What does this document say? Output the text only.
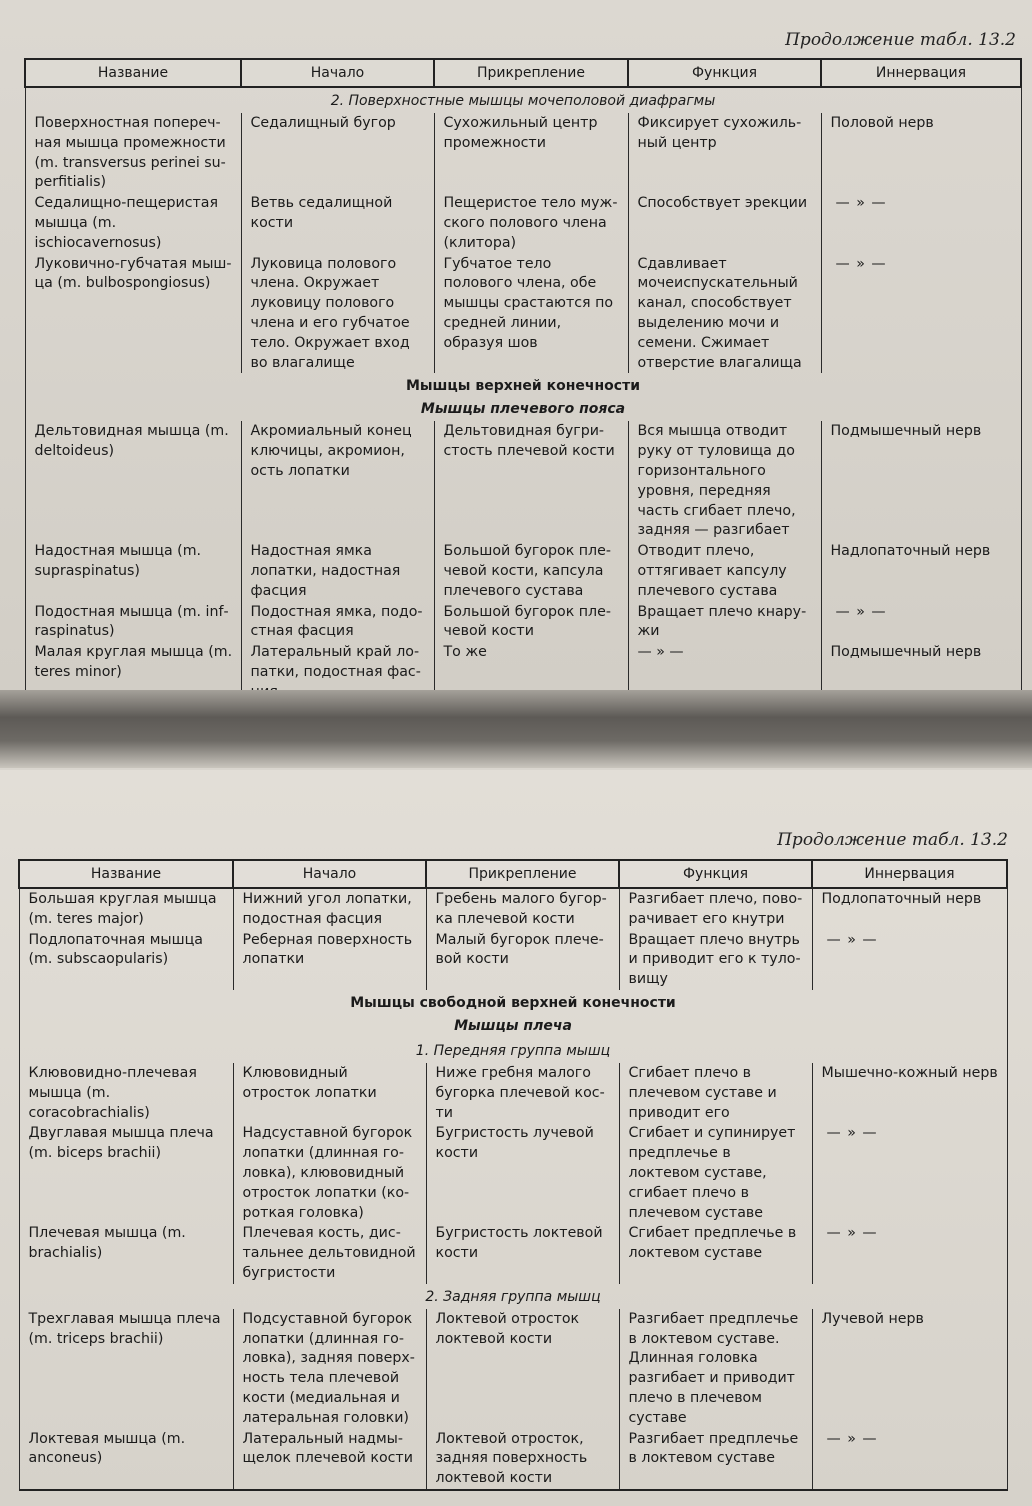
Продолжение табл. 13.2
Название	Начало	Прикрепление	Функция	Иннервация
2. Поверхностные мышцы мочеполовой диафрагмы				
Поверхностная поперечная мышца промежности (m. transversus perinei superfitialis)	Седалищный бугор	Сухожильный центр промежности	Фиксирует сухожильный центр	Половой нерв
Седалищно-пещеристая мышца (m. ischiocavernosus)	Ветвь седалищной кости	Пещеристое тело мужского полового члена (клитора)	Способствует эрекции	— » —
Луковично-губчатая мышца (m. bulbospongiosus)	Луковица полового члена. Окружает луковицу полового члена и его губчатое тело. Окружает вход во влагалище	Губчатое тело полового члена, обе мышцы срастаются по средней линии, образуя шов	Сдавливает мочеиспускательный канал, способствует выделению мочи и семени. Сжимает отверстие влагалища	— » —
Мышцы верхней конечности				
Мышцы плечевого пояса				
Дельтовидная мышца (m. deltoideus)	Акромиальный конец ключицы, акромион, ость лопатки	Дельтовидная бугристость плечевой кости	Вся мышца отводит руку от туловища до горизонтального уровня, передняя часть сгибает плечо, задняя — разгибает	Подмышечный нерв
Надостная мышца (m. supraspinatus)	Надостная ямка лопатки, надостная фасция	Большой бугорок плечевой кости, капсула плечевого сустава	Отводит плечо, оттягивает капсулу плечевого сустава	Надлопаточный нерв
Подостная мышца (m. infraspinatus)	Подостная ямка, подостная фасция	Большой бугорок плечевой кости	Вращает плечо кнаружи	— » —
Малая круглая мышца (m. teres minor)	Латеральный край лопатки, подостная фас	То же	— » —	Подмышечный нерв
Продолжение табл. 13.2
Название	Начало	Прикрепление	Функция	Иннервация
Большая круглая мышца (m. teres major)	Нижний угол лопатки, подостная фасция	Гребень малого бугорка плечевой кости	Разгибает плечо, поворачивает его кнутри	Подлопаточный нерв
Подлопаточная мышца (m. subscaopularis)	Реберная поверхность лопатки	Малый бугорок плечевой кости	Вращает плечо внутрь и приводит его к туловищу	— » —
Мышцы свободной верхней конечности				
Мышцы плеча				
1. Передняя группа мышц				
Клювовидно-плечевая мышца (m. coracobrachialis)	Клювовидный отросток лопатки	Ниже гребня малого бугорка плечевой кости	Сгибает плечо в плечевом суставе и приводит его	Мышечно-кожный нерв
Двуглавая мышца плеча (m. biceps brachii)	Надсуставной бугорок лопатки (длинная головка), клювовидный отросток лопатки (короткая головка)	Бугристость лучевой кости	Сгибает и супинирует предплечье в локтевом суставе, сгибает плечо в плечевом суставе	— » —
Плечевая мышца (m. brachialis)	Плечевая кость, дистальнее дельтовидной бугристости	Бугристость локтевой кости	Сгибает предплечье в локтевом суставе	— » —
2. Задняя группа мышц				
Трехглавая мышца плеча (m. triceps brachii)	Подсуставной бугорок лопатки (длинная головка), задняя поверхность тела плечевой кости (медиальная и латеральная головки)	Локтевой отросток локтевой кости	Разгибает предплечье в локтевом суставе. Длинная головка разгибает и приводит плечо в плечевом суставе	Лучевой нерв
Локтевая мышца (m. anconeus)	Латеральный надмыщелок плечевой кости	Локтевой отросток, задняя поверхность локтевой кости	Разгибает предплечье в локтевом суставе	— » —
